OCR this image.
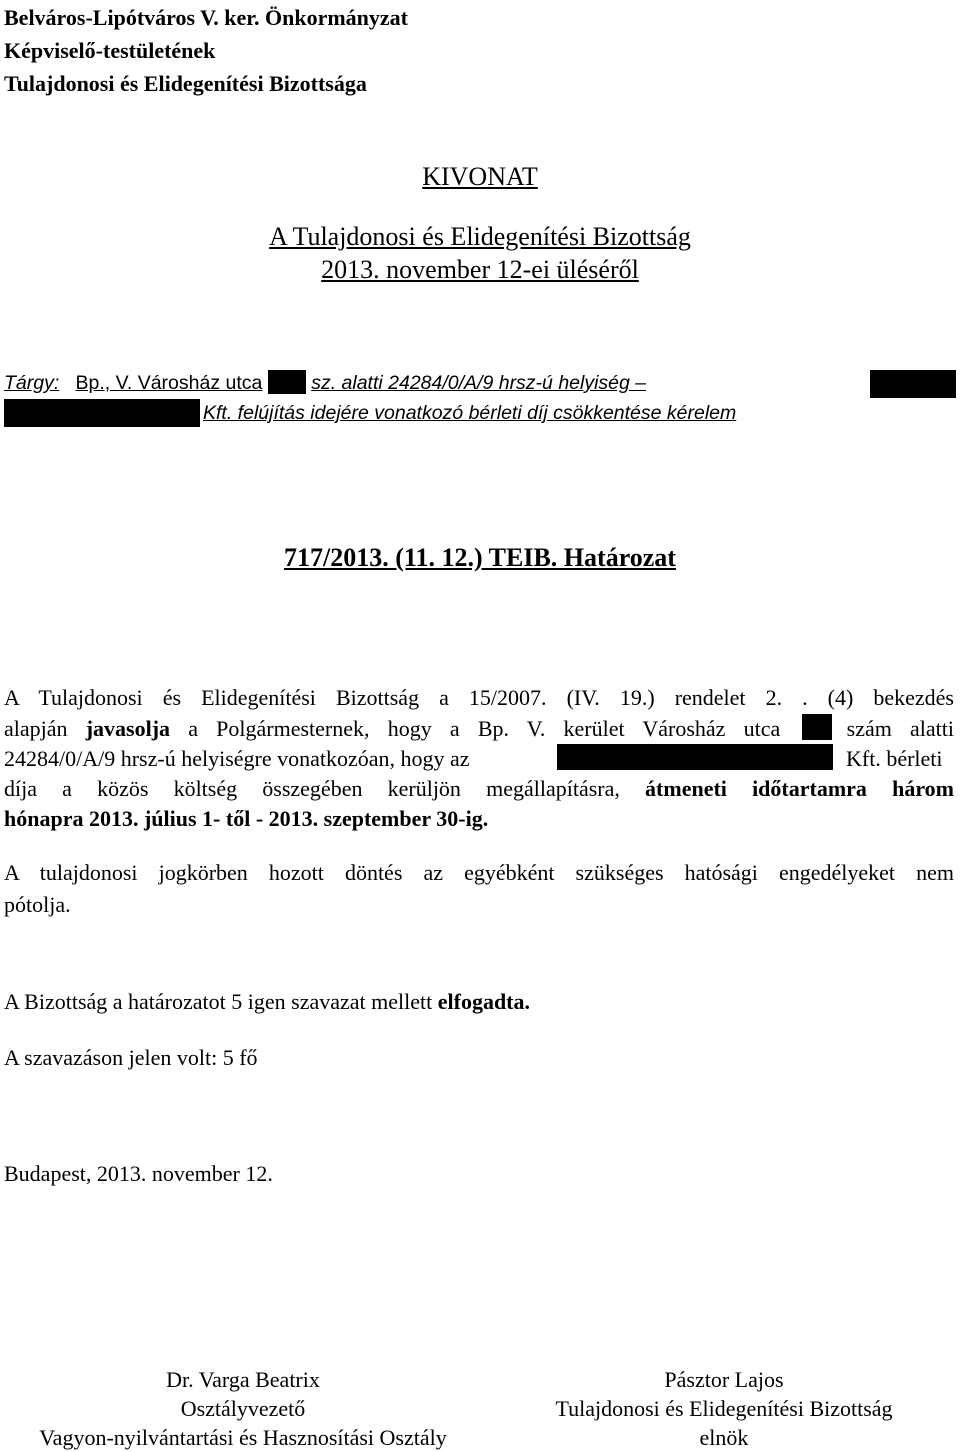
Belváros-Lipótváros V. ker. Önkormányzat
Képviselő-testületének
Tulajdonosi és Elidegenítési Bizottsága
KIVONAT
A Tulajdonosi és Elidegenítési Bizottság
2013. november 12-ei üléséről
Tárgy: Bp., V. Városház utca	sz. alatti 24284/0/A/9 hrsz-ú helyiség –
Kft. felújítás idejére vonatkozó bérleti díj csökkentése kérelem
717/2013. (11. 12.) TEIB. Határozat
A Tulajdonosi és Elidegenítési Bizottság a 15/2007. (IV. 19.) rendelet 2. . (4) bekezdés
alapján javasolja a Polgármesternek, hogy a Bp. V. kerület Városház utca	szám alatti
24284/0/A/9 hrsz-ú helyiségre vonatkozóan, hogy az	Kft. bérleti
díja a közös költség összegében kerüljön megállapításra, átmeneti időtartamra három
hónapra 2013. július 1- től - 2013. szeptember 30-ig.
A tulajdonosi jogkörben hozott döntés az egyébként szükséges hatósági engedélyeket nem
pótolja.
A Bizottság a határozatot 5 igen szavazat mellett elfogadta.
A szavazáson jelen volt: 5 fő
Budapest, 2013. november 12.
Dr. Varga Beatrix
Osztályvezető
Vagyon-nyilvántartási és Hasznosítási Osztály
Pásztor Lajos
Tulajdonosi és Elidegenítési Bizottság
elnök
